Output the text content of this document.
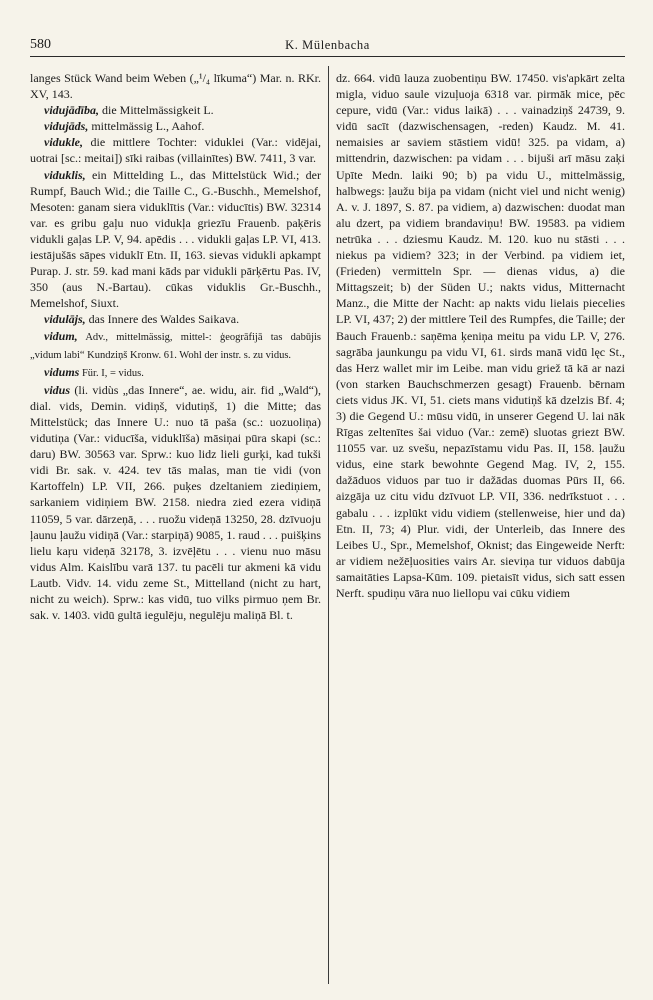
580	K. Mülenbacha

langes Stück Wand beim Weben („¹/₄ līkuma“) Mar. n. RKr. XV, 143.

vidujādība, die Mittelmässigkeit L.

vidujāds, mittelmässig L., Aahof.

vidukle, die mittlere Tochter: viduklei (Var.: vidējai, uotrai [sc.: meitai]) sīki raibas (villainītes) BW. 7411, 3 var.

viduklis, ein Mittelding L., das Mittelstück Wid.; der Rumpf, Bauch Wid.; die Taille C., G.-Buschh., Memelshof, Mesoten: ganam siera viduklītis (Var.: viducītis) BW. 32314 var. es gribu gaļu nuo vidukļa griezīu Frauenb. paķēris vidukli gaļas LP. V, 94. apēdis . . . vidukli gaļas LP. VI, 413. iestājušās sāpes viduklī Etn. II, 163. sievas vidukli apkampt Purap. J. str. 59. kad mani kāds par vidukli pārķērtu Pas. IV, 350 (aus N.-Bartau). cūkas viduklis Gr.-Buschh., Memelshof, Siuxt.

vidulājs, das Innere des Waldes Saikava.

vidum, Adv., mittelmässig, mittel-: ģeogrāfijā tas dabūjis „vidum labi“ Kundziņš Kronw. 61. Wohl der instr. s. zu vidus.

vidums Für. I, = vidus.

vidus (li. vidùs „das Innere“, ae. widu, air. fid „Wald“), dial. vids, Demin. vidiņš, vidutiņš, 1) die Mitte; das Mittelstück; das Innere U.: nuo tā paša (sc.: uozuoliņa) vidutiņa (Var.: viducīša, viduklīša) māsiņai pūra skapi (sc.: daru) BW. 30563 var. Sprw.: kuo lidz lieli gurķi, kad tukši vidi Br. sak. v. 424. tev tās malas, man tie vidi (von Kartoffeln) LP. VII, 266. puķes dzeltaniem ziediņiem, sarkaniem vidiņiem BW. 2158. niedra zied ezera vidiņā 11059, 5 var. dārzeņā, . . . ruožu videņā 13250, 28. dzīvuoju ļaunu ļaužu vidiņā (Var.: starpiņā) 9085, 1. raud . . . puišķins lielu kaŗu videņā 32178, 3. izvēļētu . . . vienu nuo māsu vidus Alm. Kaislību varā 137. tu pacēli tur akmeni kā vidu Lautb. Vidv. 14. vidu zeme St., Mittelland (nicht zu hart, nicht zu weich). Sprw.: kas vidū, tuo vilks pirmuo ņem Br. sak. v. 1403. vidū gultā iegulēju, negulēju maliņā Bl. t.

dz. 664. vidū lauza zuobentiņu BW. 17450. vis'apkārt zelta migla, viduo saule vizuļuoja 6318 var. pirmāk mice, pēc cepure, vidū (Var.: vidus laikā) . . . vainadziņš 24739, 9. vidū sacīt (dazwischensagen, -reden) Kaudz. M. 41. nemaisies ar saviem stāstiem vidū! 325. pa vidam, a) mittendrin, dazwischen: pa vidam . . . bijuši arī māsu zaķi Upīte Medn. laiki 90; b) pa vidu U., mittelmässig, halbwegs: ļaužu bija pa vidam (nicht viel und nicht wenig) A. v. J. 1897, S. 87. pa vidiem, a) dazwischen: duodat man alu dzert, pa vidiem brandaviņu! BW. 19583. pa vidiem netrūka . . . dziesmu Kaudz. M. 120. kuo nu stāsti . . . niekus pa vidiem? 323; in der Verbind. pa vidiem iet, (Frieden) vermitteln Spr. — dienas vidus, a) die Mittagszeit; b) der Süden U.; nakts vidus, Mitternacht Manz., die Mitte der Nacht: ap nakts vidu lielais piecelies LP. VI, 437; 2) der mittlere Teil des Rumpfes, die Taille; der Bauch Frauenb.: saņēma ķeniņa meitu pa vidu LP. V, 276. sagrāba jaunkungu pa vidu VI, 61. sirds manā vidū lęc St., das Herz wallet mir im Leibe. man vidu griež tā kā ar nazi (von starken Bauchschmerzen gesagt) Frauenb. bērnam ciets vidus JK. VI, 51. ciets mans vidutiņš kā dzelzis Bf. 4; 3) die Gegend U.: mūsu vidū, in unserer Gegend U. lai nāk Rīgas zeltenītes šai viduo (Var.: zemē) sluotas griezt BW. 11055 var. uz svešu, nepazīstamu vidu Pas. II, 158. ļaužu vidus, eine stark bewohnte Gegend Mag. IV, 2, 155. dažāduos viduos par tuo ir dažādas duomas Pūrs II, 66. aizgāja uz citu vidu dzīvuot LP. VII, 336. nedrīkstuot . . . gabalu . . . izplūkt vidu vidiem (stellenweise, hier und da) Etn. II, 73; 4) Plur. vidi, der Unterleib, das Innere des Leibes U., Spr., Memelshof, Oknist; das Eingeweide Nerft: ar vidiem nežēļuosities vairs Ar. sieviņa tur viduos dabūja samaitāties Lapsa-Kūm. 109. pietaisīt vidus, sich satt essen Nerft. spudiņu vāra nuo liellopu vai cūku vidiem
